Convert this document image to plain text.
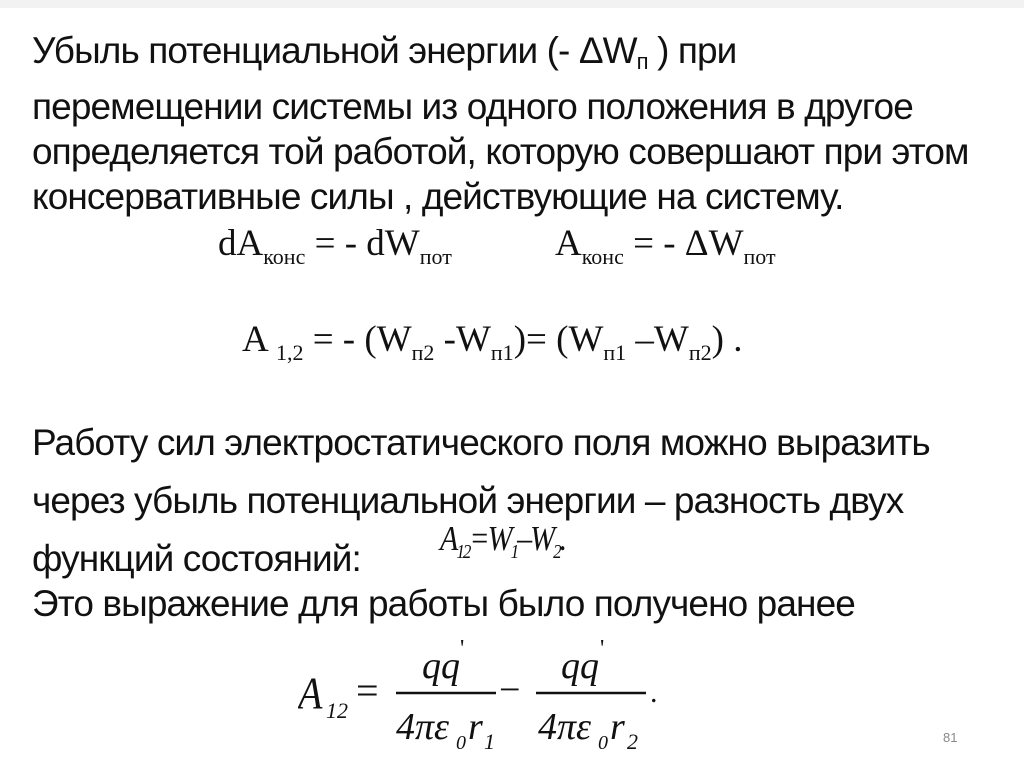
Убыль потенциальной энергии (- $\Delta W_п$ ) при
перемещении системы из одного положения в другое
определяется той работой, которую совершают при этом
консервативные силы , действующие на систему.
$dA_{конс}$ = - $dW_{пот}$	$A_{конс}$ = - $\Delta W_{пот}$
A $_{1,2}$ = - ($W_{п2}$ $-W_{п1})= (W_{п1}$ $-W_{п2}$) .
Работу сил электростатического поля можно выразить
через убыль потенциальной энергии – разность двух
функций состояний:	$A_{12}=W_1-W_2$.
Это выражение для работы было получено ранее
A 12 =
qq '
4πε 0 r 1
−
qq '
4πε 0 r 2
.
81
